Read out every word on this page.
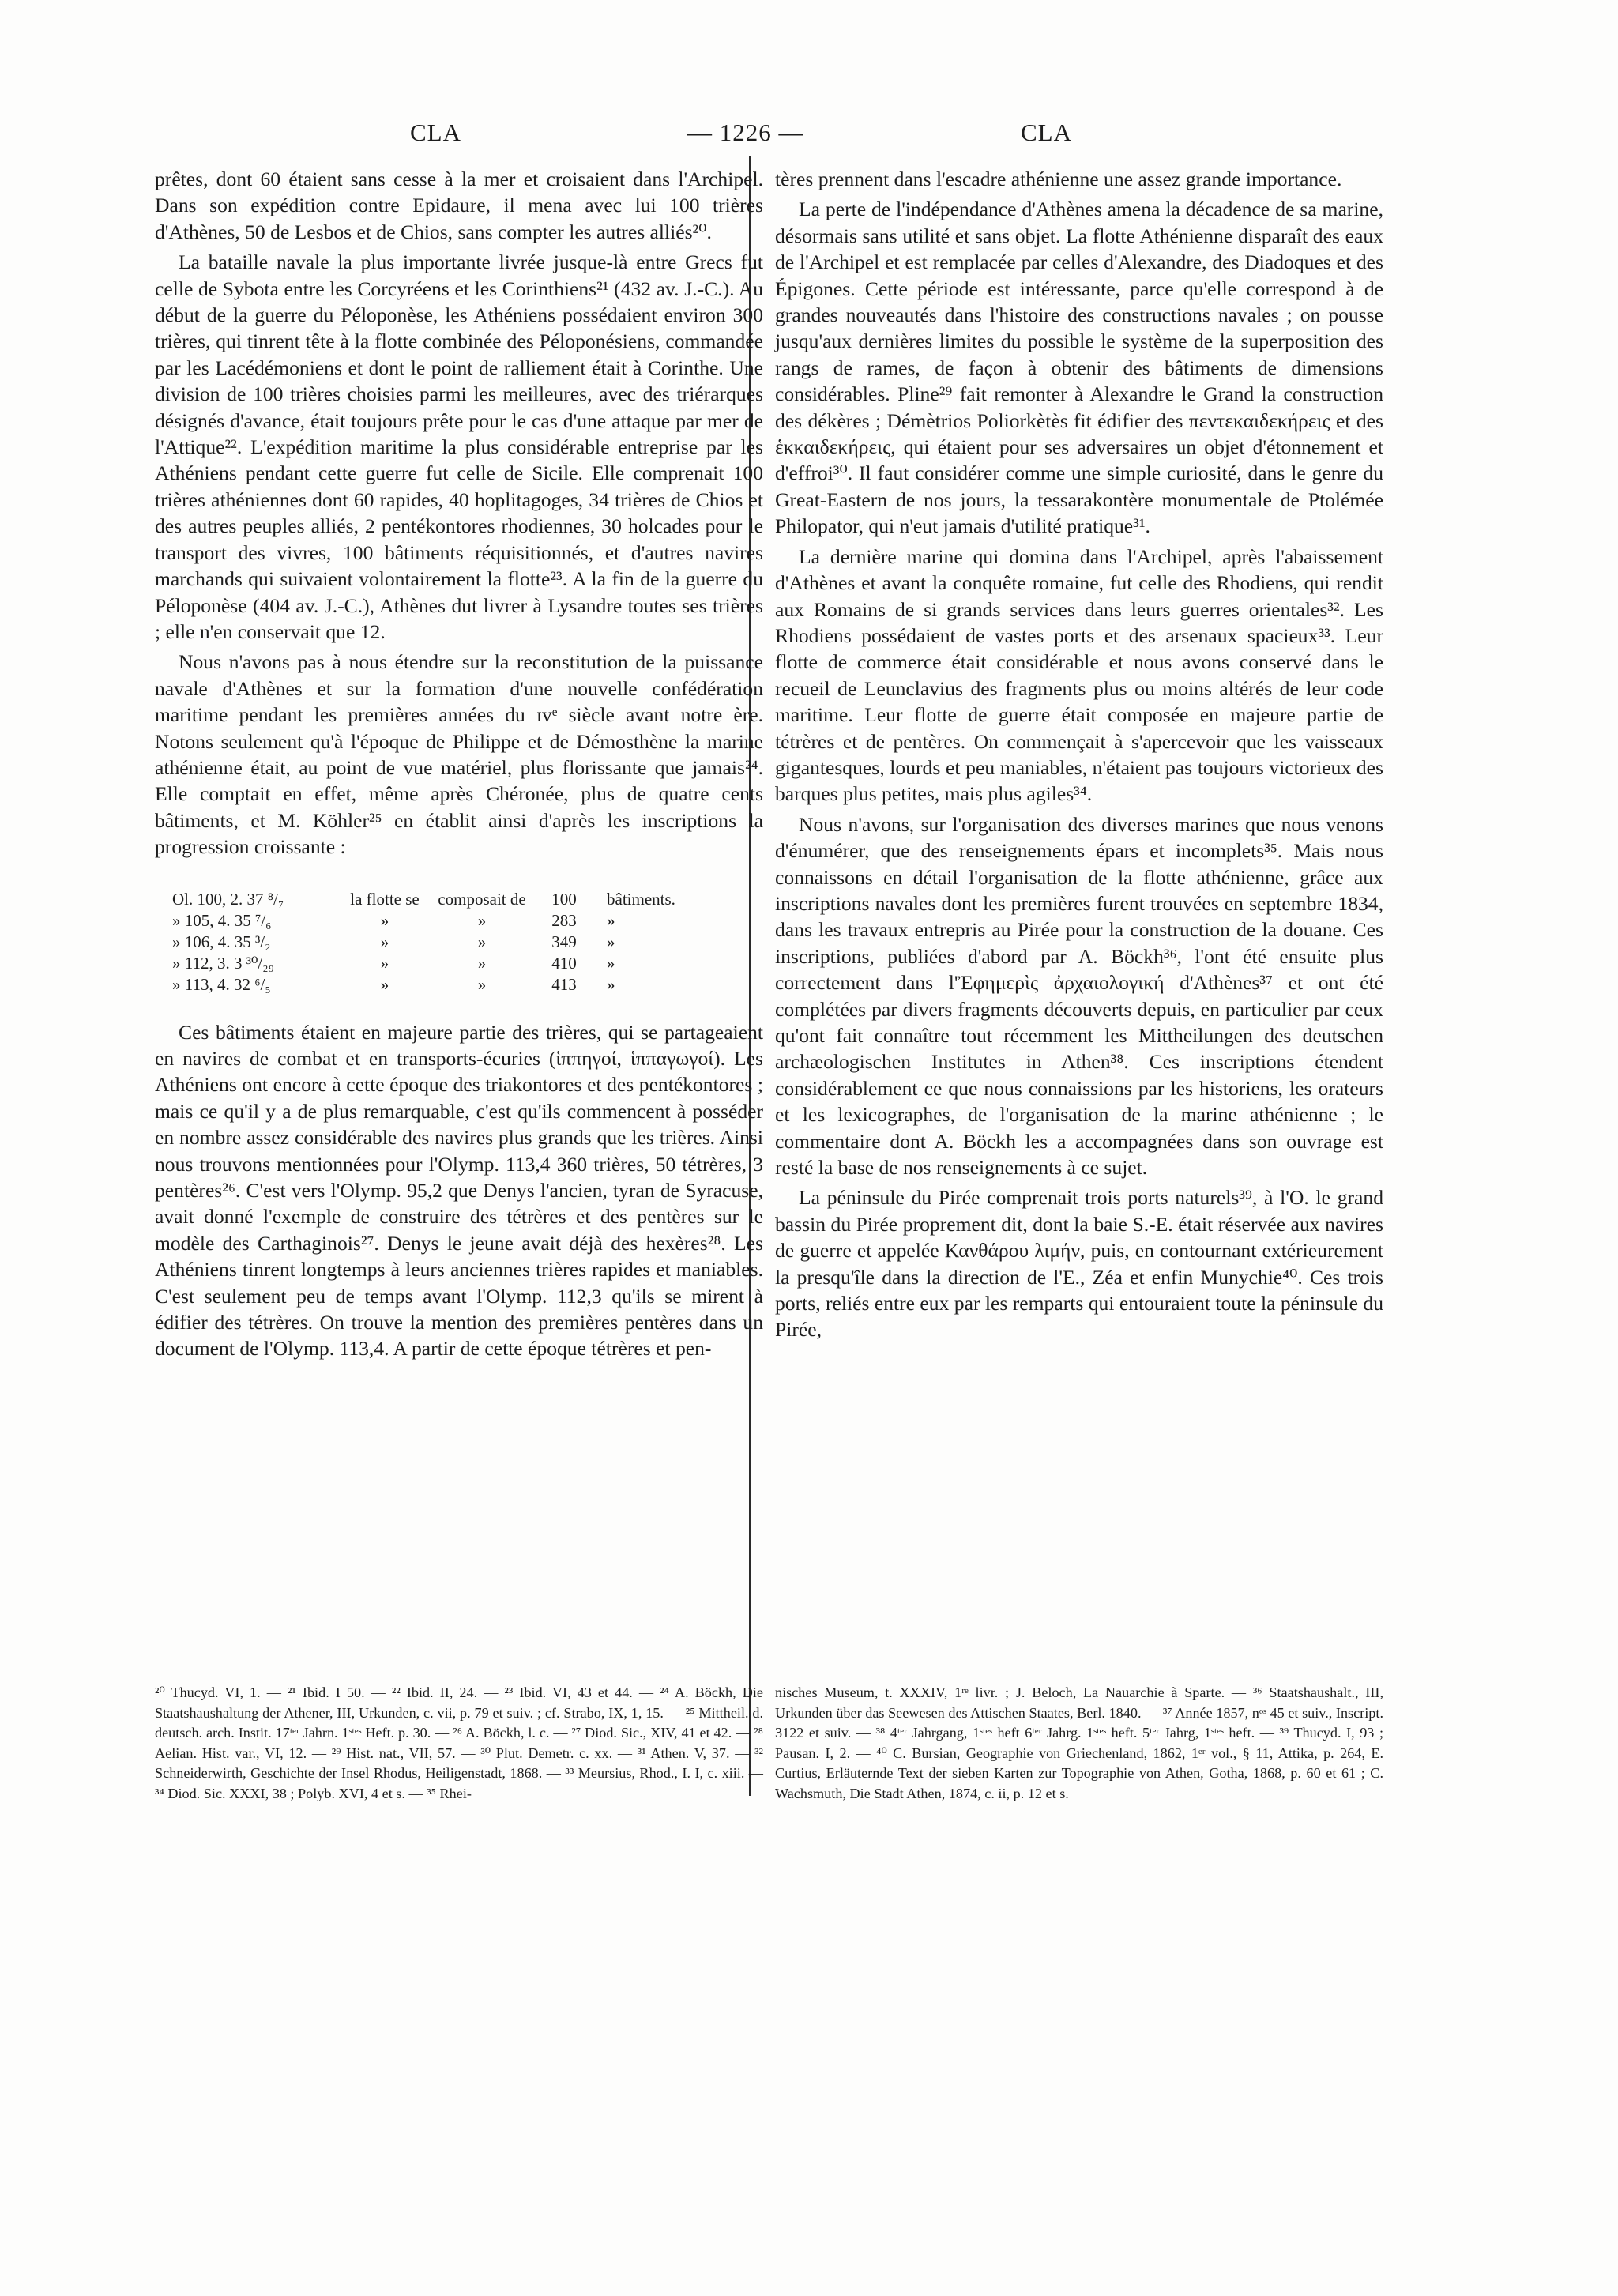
CLA	— 1226 —	CLA

prêtes, dont 60 étaient sans cesse à la mer et croisaient dans l'Archipel. Dans son expédition contre Epidaure, il mena avec lui 100 trières d'Athènes, 50 de Lesbos et de Chios, sans compter les autres alliés²⁰.

La bataille navale la plus importante livrée jusque-là entre Grecs fut celle de Sybota entre les Corcyréens et les Corinthiens²¹ (432 av. J.-C.). Au début de la guerre du Péloponèse, les Athéniens possédaient environ 300 trières, qui tinrent tête à la flotte combinée des Péloponésiens, commandée par les Lacédémoniens et dont le point de ralliement était à Corinthe. Une division de 100 trières choisies parmi les meilleures, avec des triérarques désignés d'avance, était toujours prête pour le cas d'une attaque par mer de l'Attique²². L'expédition maritime la plus considérable entreprise par les Athéniens pendant cette guerre fut celle de Sicile. Elle comprenait 100 trières athéniennes dont 60 rapides, 40 hoplitagoges, 34 trières de Chios et des autres peuples alliés, 2 pentékontores rhodiennes, 30 holcades pour le transport des vivres, 100 bâtiments réquisitionnés, et d'autres navires marchands qui suivaient volontairement la flotte²³. A la fin de la guerre du Péloponèse (404 av. J.-C.), Athènes dut livrer à Lysandre toutes ses trières ; elle n'en conservait que 12.

Nous n'avons pas à nous étendre sur la reconstitution de la puissance navale d'Athènes et sur la formation d'une nouvelle confédération maritime pendant les premières années du ɪvᵉ siècle avant notre ère. Notons seulement qu'à l'époque de Philippe et de Démosthène la marine athénienne était, au point de vue matériel, plus florissante que jamais²⁴. Elle comptait en effet, même après Chéronée, plus de quatre cents bâtiments, et M. Köhler²⁵ en établit ainsi d'après les inscriptions la progression croissante :

Ol. 100, 2. 37 ⁸/₇	la flotte se	composait de	100	bâtiments.
» 105, 4. 35 ⁷/₆	»	»	283	»
» 106, 4. 35 ³/₂	»	»	349	»
» 112, 3. 3 ³⁰/₂₉	»	»	410	»
» 113, 4. 32 ⁶/₅	»	»	413	»

Ces bâtiments étaient en majeure partie des trières, qui se partageaient en navires de combat et en transports-écuries (ἱππηγοί, ἱππαγωγοί). Les Athéniens ont encore à cette époque des triakontores et des pentékontores ; mais ce qu'il y a de plus remarquable, c'est qu'ils commencent à posséder en nombre assez considérable des navires plus grands que les trières. Ainsi nous trouvons mentionnées pour l'Olymp. 113,4 360 trières, 50 tétrères, 3 pentères²⁶. C'est vers l'Olymp. 95,2 que Denys l'ancien, tyran de Syracuse, avait donné l'exemple de construire des tétrères et des pentères sur le modèle des Carthaginois²⁷. Denys le jeune avait déjà des hexères²⁸. Les Athéniens tinrent longtemps à leurs anciennes trières rapides et maniables. C'est seulement peu de temps avant l'Olymp. 112,3 qu'ils se mirent à édifier des tétrères. On trouve la mention des premières pentères dans un document de l'Olymp. 113,4. A partir de cette époque tétrères et pen-

tères prennent dans l'escadre athénienne une assez grande importance.

La perte de l'indépendance d'Athènes amena la décadence de sa marine, désormais sans utilité et sans objet. La flotte Athénienne disparaît des eaux de l'Archipel et est remplacée par celles d'Alexandre, des Diadoques et des Épigones. Cette période est intéressante, parce qu'elle correspond à de grandes nouveautés dans l'histoire des constructions navales ; on pousse jusqu'aux dernières limites du possible le système de la superposition des rangs de rames, de façon à obtenir des bâtiments de dimensions considérables. Pline²⁹ fait remonter à Alexandre le Grand la construction des dékères ; Démètrios Poliorkètès fit édifier des πεντεκαιδεκήρεις et des ἑκκαιδεκήρεις, qui étaient pour ses adversaires un objet d'étonnement et d'effroi³⁰. Il faut considérer comme une simple curiosité, dans le genre du Great-Eastern de nos jours, la tessarakontère monumentale de Ptolémée Philopator, qui n'eut jamais d'utilité pratique³¹.

La dernière marine qui domina dans l'Archipel, après l'abaissement d'Athènes et avant la conquête romaine, fut celle des Rhodiens, qui rendit aux Romains de si grands services dans leurs guerres orientales³². Les Rhodiens possédaient de vastes ports et des arsenaux spacieux³³. Leur flotte de commerce était considérable et nous avons conservé dans le recueil de Leunclavius des fragments plus ou moins altérés de leur code maritime. Leur flotte de guerre était composée en majeure partie de tétrères et de pentères. On commençait à s'apercevoir que les vaisseaux gigantesques, lourds et peu maniables, n'étaient pas toujours victorieux des barques plus petites, mais plus agiles³⁴.

Nous n'avons, sur l'organisation des diverses marines que nous venons d'énumérer, que des renseignements épars et incomplets³⁵. Mais nous connaissons en détail l'organisation de la flotte athénienne, grâce aux inscriptions navales dont les premières furent trouvées en septembre 1834, dans les travaux entrepris au Pirée pour la construction de la douane. Ces inscriptions, publiées d'abord par A. Böckh³⁶, l'ont été ensuite plus correctement dans l'Ἐφημερὶς ἀρχαιολογική d'Athènes³⁷ et ont été complétées par divers fragments découverts depuis, en particulier par ceux qu'ont fait connaître tout récemment les Mittheilungen des deutschen archæologischen Institutes in Athen³⁸. Ces inscriptions étendent considérablement ce que nous connaissions par les historiens, les orateurs et les lexicographes, de l'organisation de la marine athénienne ; le commentaire dont A. Böckh les a accompagnées dans son ouvrage est resté la base de nos renseignements à ce sujet.

La péninsule du Pirée comprenait trois ports naturels³⁹, à l'O. le grand bassin du Pirée proprement dit, dont la baie S.-E. était réservée aux navires de guerre et appelée Κανθάρου λιμήν, puis, en contournant extérieurement la presqu'île dans la direction de l'E., Zéa et enfin Munychie⁴⁰. Ces trois ports, reliés entre eux par les remparts qui entouraient toute la péninsule du Pirée,

²⁰ Thucyd. VI, 1. — ²¹ Ibid. I 50. — ²² Ibid. II, 24. — ²³ Ibid. VI, 43 et 44. — ²⁴ A. Böckh, Die Staatshaushaltung der Athener, III, Urkunden, c. vii, p. 79 et suiv. ; cf. Strabo, IX, 1, 15. — ²⁵ Mittheil. d. deutsch. arch. Instit. 17ᵗᵉʳ Jahrn. 1ˢᵗᵉˢ Heft. p. 30. — ²⁶ A. Böckh, l. c. — ²⁷ Diod. Sic., XIV, 41 et 42. — ²⁸ Aelian. Hist. var., VI, 12. — ²⁹ Hist. nat., VII, 57. — ³⁰ Plut. Demetr. c. xx. — ³¹ Athen. V, 37. — ³² Schneiderwirth, Geschichte der Insel Rhodus, Heiligenstadt, 1868. — ³³ Meursius, Rhod., I. I, c. xiii. — ³⁴ Diod. Sic. XXXI, 38 ; Polyb. XVI, 4 et s. — ³⁵ Rhei-
nisches Museum, t. XXXIV, 1ʳᵉ livr. ; J. Beloch, La Nauarchie à Sparte. — ³⁶ Staatshaushalt., III, Urkunden über das Seewesen des Attischen Staates, Berl. 1840. — ³⁷ Année 1857, nᵒˢ 45 et suiv., Inscript. 3122 et suiv. — ³⁸ 4ᵗᵉʳ Jahrgang, 1ˢᵗᵉˢ heft 6ᵗᵉʳ Jahrg. 1ˢᵗᵉˢ heft. 5ᵗᵉʳ Jahrg, 1ˢᵗᵉˢ heft. — ³⁹ Thucyd. I, 93 ; Pausan. I, 2. — ⁴⁰ C. Bursian, Geographie von Griechenland, 1862, 1ᵉʳ vol., § 11, Attika, p. 264, E. Curtius, Erläuternde Text der sieben Karten zur Topographie von Athen, Gotha, 1868, p. 60 et 61 ; C. Wachsmuth, Die Stadt Athen, 1874, c. ii, p. 12 et s.
